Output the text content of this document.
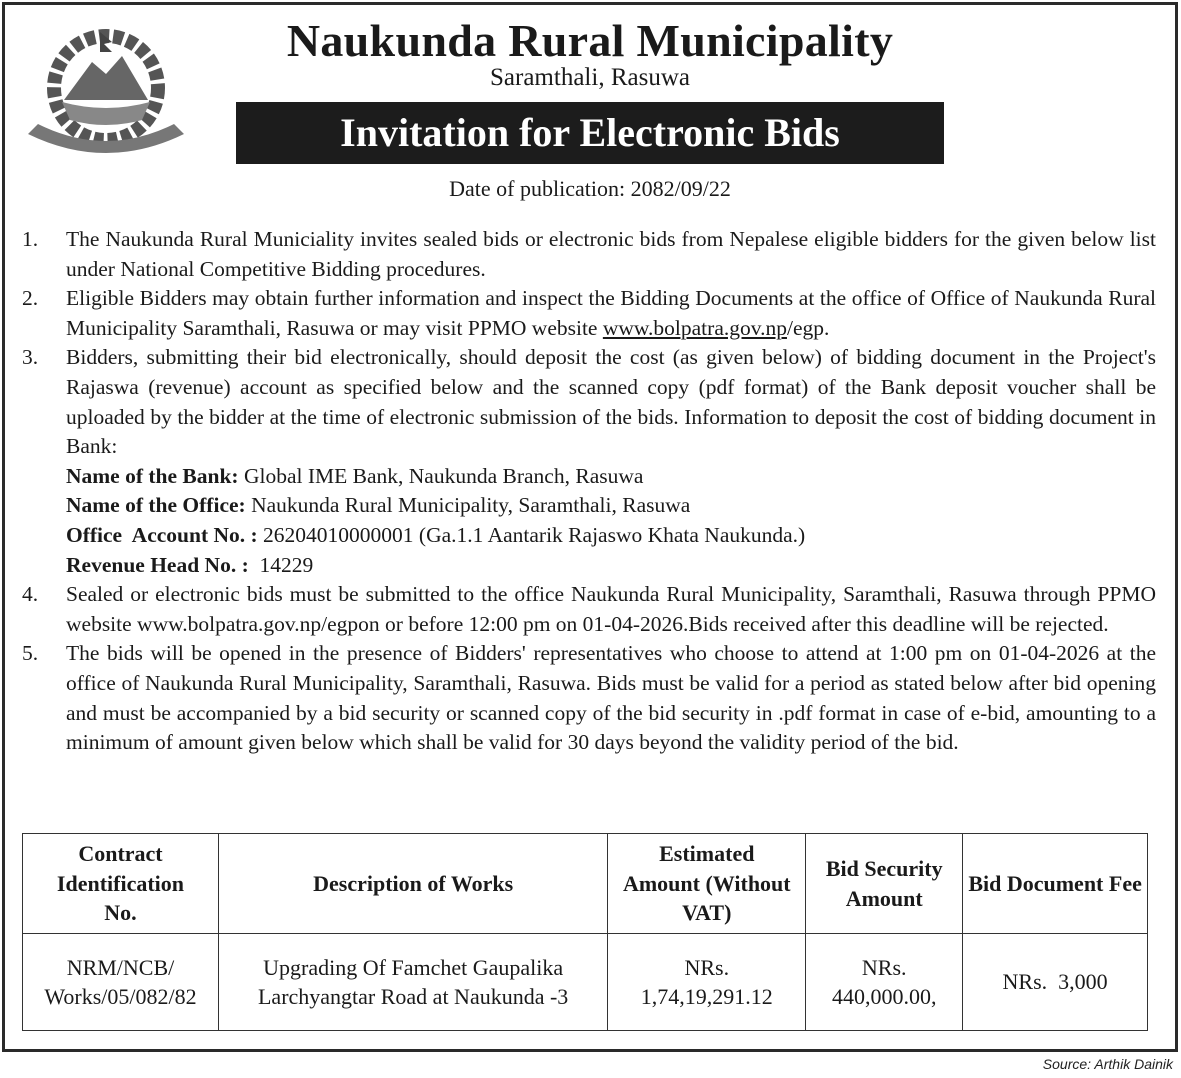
Naukunda Rural Municipality
Saramthali, Rasuwa
Invitation for Electronic Bids
Date of publication: 2082/09/22
1. The Naukunda Rural Municiality invites sealed bids or electronic bids from Nepalese eligible bidders for the given below list under National Competitive Bidding procedures.
2. Eligible Bidders may obtain further information and inspect the Bidding Documents at the office of Office of Naukunda Rural Municipality Saramthali, Rasuwa or may visit PPMO website www.bolpatra.gov.np/egp.
3. Bidders, submitting their bid electronically, should deposit the cost (as given below) of bidding document in the Project's Rajaswa (revenue) account as specified below and the scanned copy (pdf format) of the Bank deposit voucher shall be uploaded by the bidder at the time of electronic submission of the bids. Information to deposit the cost of bidding document in Bank:
Name of the Bank: Global IME Bank, Naukunda Branch, Rasuwa
Name of the Office: Naukunda Rural Municipality, Saramthali, Rasuwa
Office  Account No. : 26204010000001 (Ga.1.1 Aantarik Rajaswo Khata Naukunda.)
Revenue Head No. :  14229
4. Sealed or electronic bids must be submitted to the office Naukunda Rural Municipality, Saramthali, Rasuwa through PPMO website www.bolpatra.gov.np/egpon or before 12:00 pm on 01-04-2026.Bids received after this deadline will be rejected.
5. The bids will be opened in the presence of Bidders' representatives who choose to attend at 1:00 pm on 01-04-2026 at the office of Naukunda Rural Municipality, Saramthali, Rasuwa. Bids must be valid for a period as stated below after bid opening and must be accompanied by a bid security or scanned copy of the bid security in .pdf format in case of e-bid, amounting to a minimum of amount given below which shall be valid for 30 days beyond the validity period of the bid.
Contract Identification No.	Description of Works	Estimated Amount (Without VAT)	Bid Security Amount	Bid Document Fee
NRM/NCB/ Works/05/082/82	Upgrading Of Famchet Gaupalika Larchyangtar Road at Naukunda -3	NRs. 1,74,19,291.12	NRs. 440,000.00,	NRs.  3,000
Source: Arthik Dainik
